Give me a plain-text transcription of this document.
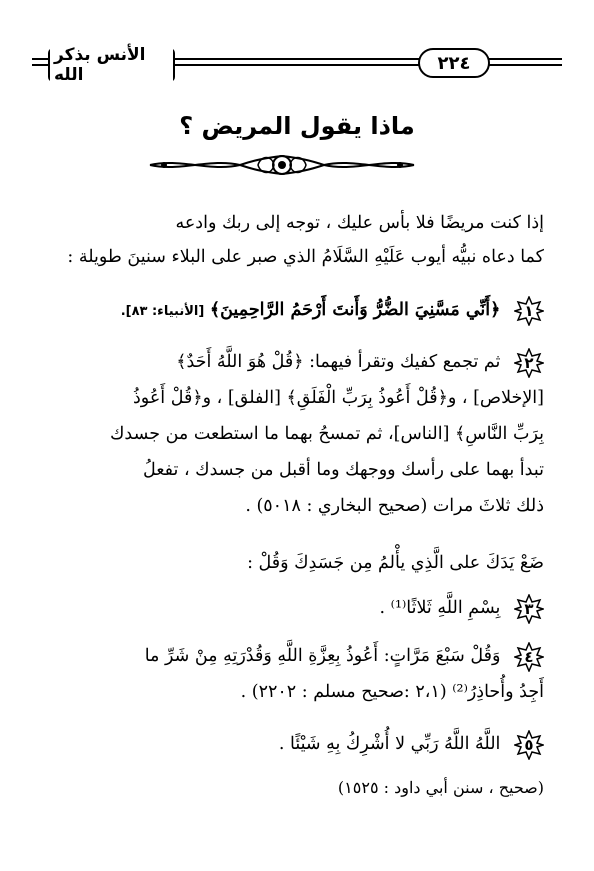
الأنس بذكر الله
٢٢٤
ماذا يقول المريض ؟
إذا كنت مريضًا فلا بأس عليك ، توجه إلى ربك وادعه
كما دعاه نبيُّه أيوب عَلَيْهِ السَّلَامُ الذي صبر على البلاء سنينَ طويلة :
١
﴿أَنِّي مَسَّنِيَ الضُّرُّ وَأَنتَ أَرْحَمُ الرَّاحِمِينَ﴾ [الأنبياء: ٨٣].
٢
ثم تجمع كفيك وتقرأ فيهما: ﴿قُلْ هُوَ اللَّهُ أَحَدٌ﴾
[الإخلاص] ، و﴿قُلْ أَعُوذُ بِرَبِّ الْفَلَقِ﴾ [الفلق] ، و﴿قُلْ أَعُوذُ
بِرَبِّ النَّاسِ﴾ [الناس]، ثم تمسحُ بهما ما استطعت من جسدك
تبدأ بهما على رأسك ووجهك وما أقبل من جسدك ، تفعلُ
ذلك ثلاثَ مرات (صحيح البخاري : ٥٠١٨) .
ضَعْ يَدَكَ على الَّذِي يأْلمُ مِن جَسَدِكَ وَقُلْ :
٣
بِسْمِ اللَّهِ ثَلاثًا⁽¹⁾ .
٤
وَقُلْ سَبْعَ مَرَّاتٍ: أَعُوذُ بِعِزَّةِ اللَّهِ وَقُدْرَتِهِ مِنْ شَرِّ ما
أَجِدُ وأُحاذِرُ⁽²⁾ (٢،١ :صحيح مسلم : ٢٢٠٢) .
٥
اللَّهُ اللَّهُ رَبِّي لا أُشْرِكُ بِهِ شَيْئًا .
(صحيح ، سنن أبي داود : ١٥٢٥)
